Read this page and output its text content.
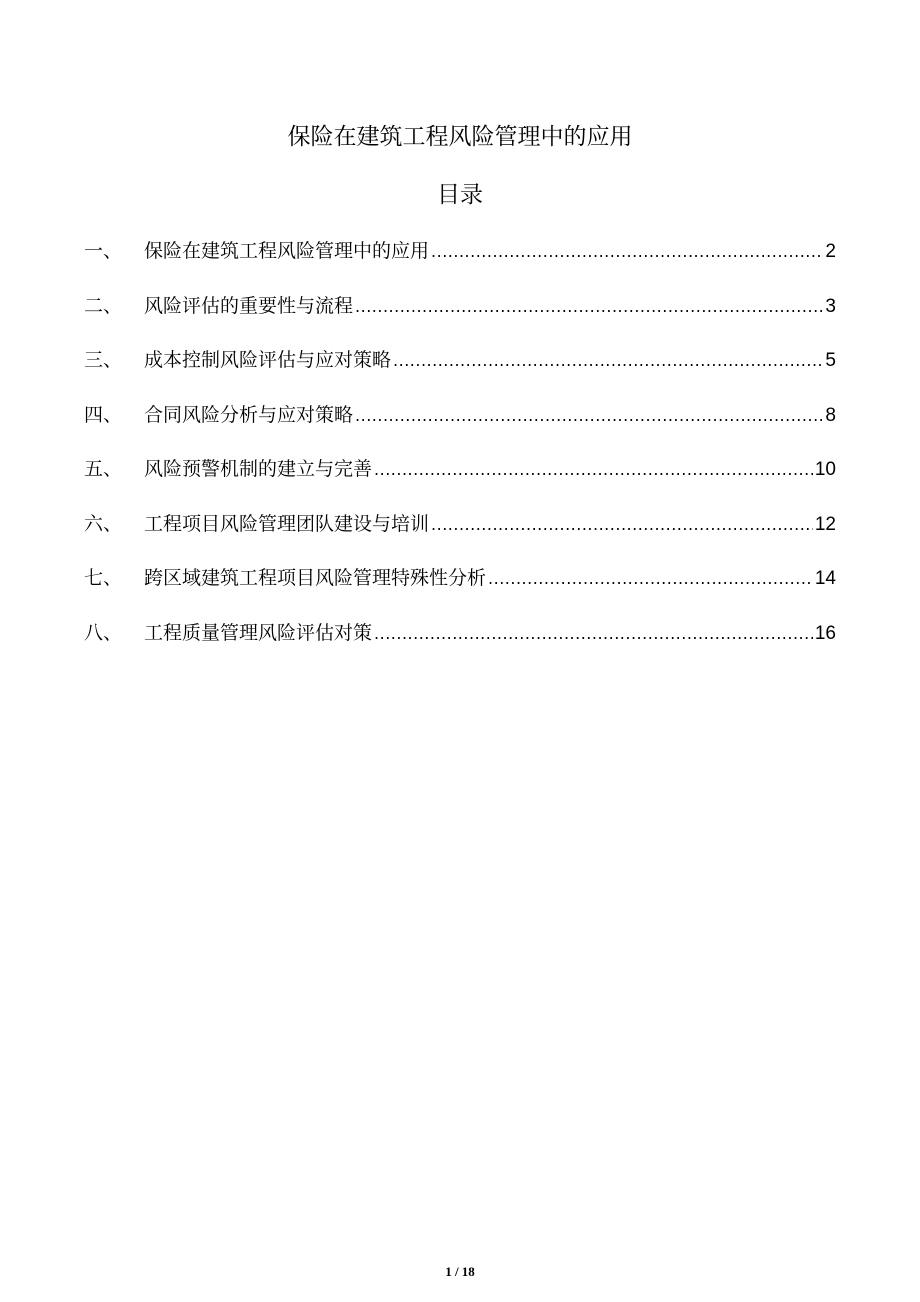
保险在建筑工程风险管理中的应用
目录
一、	保险在建筑工程风险管理中的应用 .....	2
二、	风险评估的重要性与流程 .....	3
三、	成本控制风险评估与应对策略 .....	5
四、	合同风险分析与应对策略 .....	8
五、	风险预警机制的建立与完善 .....	10
六、	工程项目风险管理团队建设与培训 .....	12
七、	跨区域建筑工程项目风险管理特殊性分析 .....	14
八、	工程质量管理风险评估对策 .....	16
1 / 18
